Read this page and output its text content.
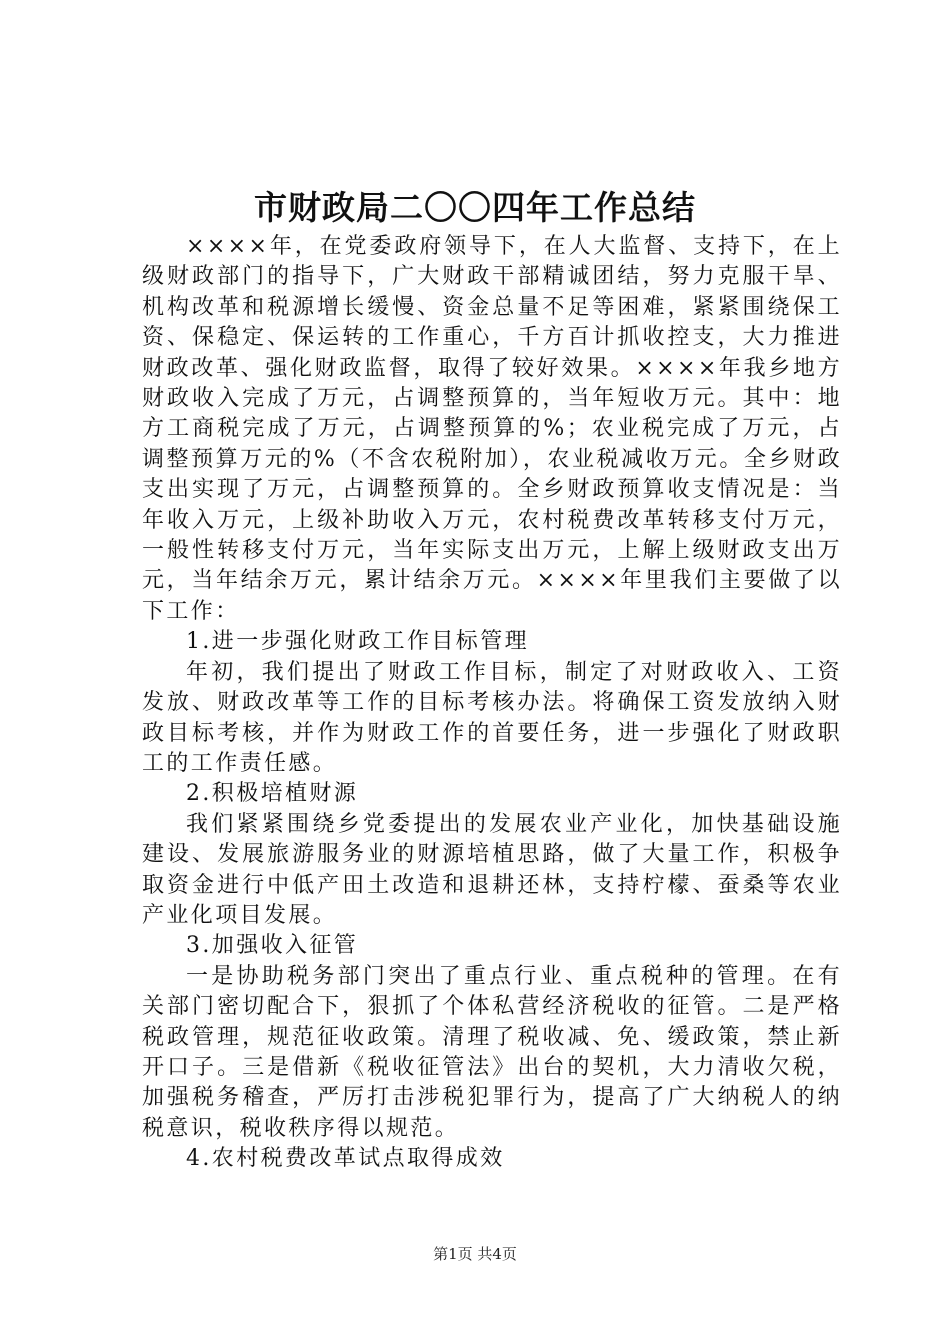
市财政局二〇〇四年工作总结

××××年，在党委政府领导下，在人大监督、支持下，在上级财政部门的指导下，广大财政干部精诚团结，努力克服干旱、机构改革和税源增长缓慢、资金总量不足等困难，紧紧围绕保工资、保稳定、保运转的工作重心，千方百计抓收控支，大力推进财政改革、强化财政监督，取得了较好效果。××××年我乡地方财政收入完成了万元，占调整预算的，当年短收万元。其中：地方工商税完成了万元，占调整预算的%；农业税完成了万元，占调整预算万元的%（不含农税附加），农业税减收万元。全乡财政支出实现了万元，占调整预算的。全乡财政预算收支情况是：当年收入万元，上级补助收入万元，农村税费改革转移支付万元，一般性转移支付万元，当年实际支出万元，上解上级财政支出万元，当年结余万元，累计结余万元。××××年里我们主要做了以下工作：

1.进一步强化财政工作目标管理

年初，我们提出了财政工作目标，制定了对财政收入、工资发放、财政改革等工作的目标考核办法。将确保工资发放纳入财政目标考核，并作为财政工作的首要任务，进一步强化了财政职工的工作责任感。

2.积极培植财源

我们紧紧围绕乡党委提出的发展农业产业化，加快基础设施建设、发展旅游服务业的财源培植思路，做了大量工作，积极争取资金进行中低产田土改造和退耕还林，支持柠檬、蚕桑等农业产业化项目发展。

3.加强收入征管

一是协助税务部门突出了重点行业、重点税种的管理。在有关部门密切配合下，狠抓了个体私营经济税收的征管。二是严格税政管理，规范征收政策。清理了税收减、免、缓政策，禁止新开口子。三是借新《税收征管法》出台的契机，大力清收欠税，加强税务稽查，严厉打击涉税犯罪行为，提高了广大纳税人的纳税意识，税收秩序得以规范。

4.农村税费改革试点取得成效

第1页 共4页
